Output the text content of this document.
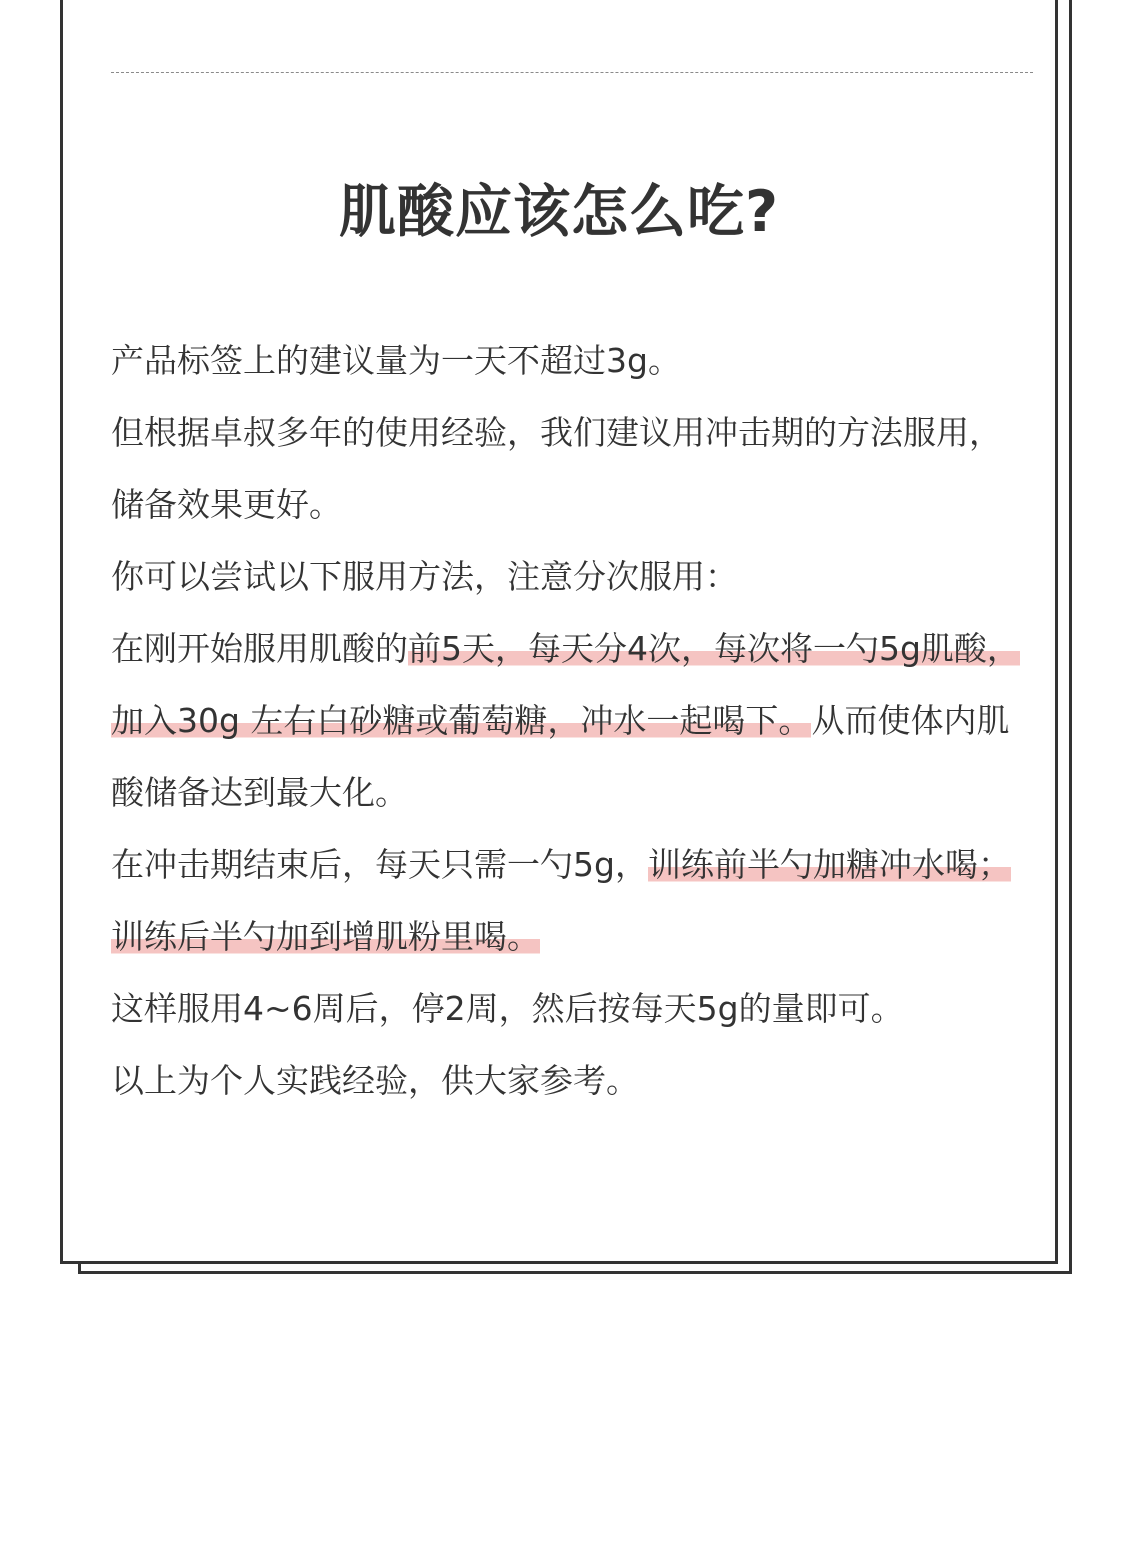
肌酸应该怎么吃?

产品标签上的建议量为一天不超过3g。

但根据卓叔多年的使用经验，我们建议用冲击期的方法服用，储备效果更好。

你可以尝试以下服用方法，注意分次服用：

在刚开始服用肌酸的前5天，每天分4次，每次将一勺5g肌酸，加入30g 左右白砂糖或葡萄糖，冲水一起喝下。从而使体内肌酸储备达到最大化。

在冲击期结束后，每天只需一勺5g，训练前半勺加糖冲水喝；训练后半勺加到增肌粉里喝。

这样服用4~6周后，停2周，然后按每天5g的量即可。

以上为个人实践经验，供大家参考。
